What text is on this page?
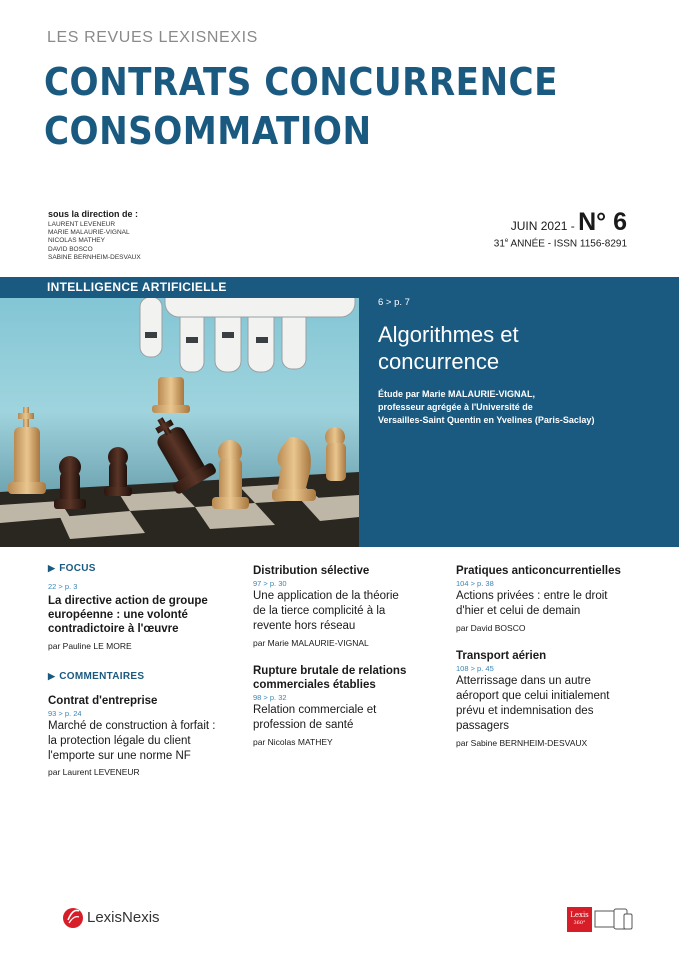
LES REVUES LEXISNEXIS
CONTRATS CONCURRENCE
CONSOMMATION
sous la direction de :
LAURENT LEVENEUR
MARIE MALAURIE-VIGNAL
NICOLAS MATHEY
DAVID BOSCO
SABINE BERNHEIM-DESVAUX
JUIN 2021 - N° 6
31e ANNÉE - ISSN 1156-8291
INTELLIGENCE ARTIFICIELLE
6 > p. 7
Algorithmes et
concurrence
Étude par Marie MALAURIE-VIGNAL,
professeur agrégée à l'Université de
Versailles-Saint Quentin en Yvelines (Paris-Saclay)
▶ FOCUS
22 > p. 3
La directive action de groupe
européenne : une volonté
contradictoire à l'œuvre
par Pauline LE MORE
▶ COMMENTAIRES
Contrat d'entreprise
93 > p. 24
Marché de construction à forfait :
la protection légale du client
l'emporte sur une norme NF
par Laurent LEVENEUR
Distribution sélective
97 > p. 30
Une application de la théorie
de la tierce complicité à la
revente hors réseau
par Marie MALAURIE-VIGNAL
Rupture brutale de relations
commerciales établies
98 > p. 32
Relation commerciale et
profession de santé
par Nicolas MATHEY
Pratiques anticoncurrentielles
104 > p. 38
Actions privées : entre le droit
d'hier et celui de demain
par David BOSCO
Transport aérien
108 > p. 45
Atterrissage dans un autre
aéroport que celui initialement
prévu et indemnisation des
passagers
par Sabine BERNHEIM-DESVAUX
LexisNexis	Lexis
360°
